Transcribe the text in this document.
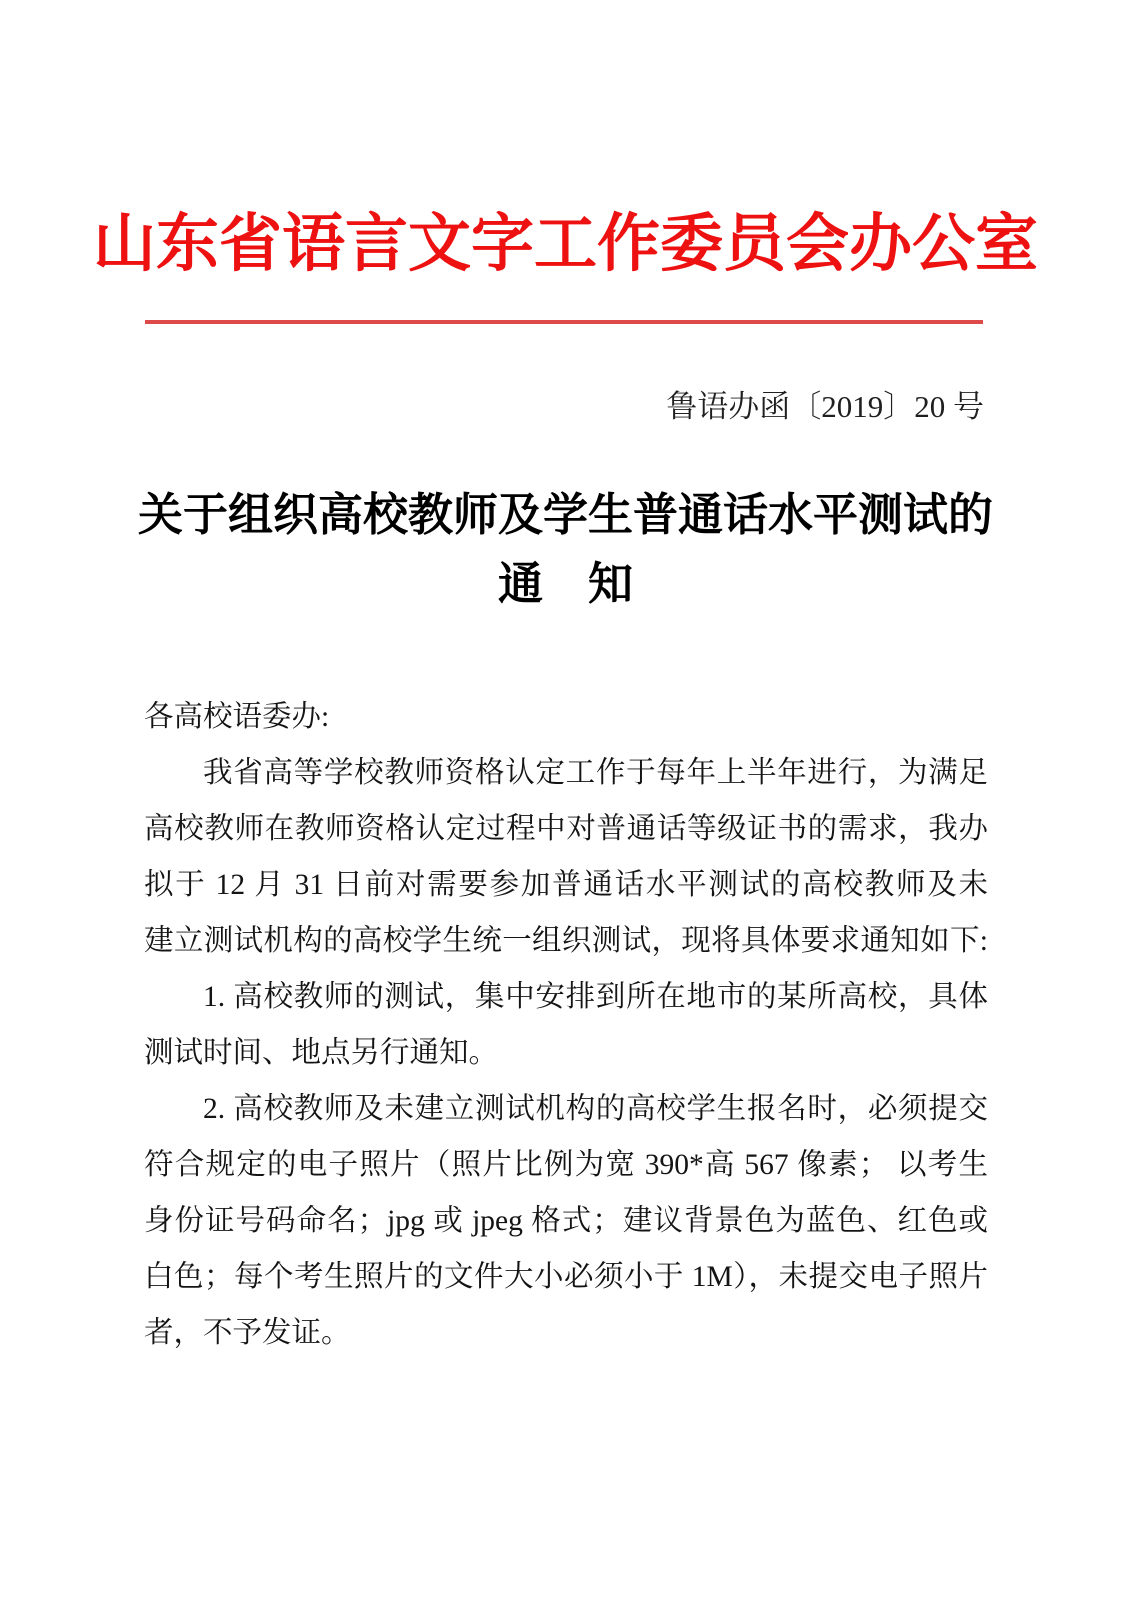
山东省语言文字工作委员会办公室
鲁语办函〔2019〕20 号
关于组织高校教师及学生普通话水平测试的
通　知
各高校语委办:
我省高等学校教师资格认定工作于每年上半年进行，为满足
高校教师在教师资格认定过程中对普通话等级证书的需求，我办
拟于 12 月 31 日前对需要参加普通话水平测试的高校教师及未
建立测试机构的高校学生统一组织测试，现将具体要求通知如下:
1. 高校教师的测试，集中安排到所在地市的某所高校，具体
测试时间、地点另行通知。
2. 高校教师及未建立测试机构的高校学生报名时，必须提交
符合规定的电子照片（照片比例为宽 390*高 567 像素； 以考生
身份证号码命名；jpg 或 jpeg 格式；建议背景色为蓝色、红色或
白色；每个考生照片的文件大小必须小于 1M），未提交电子照片
者，不予发证。
